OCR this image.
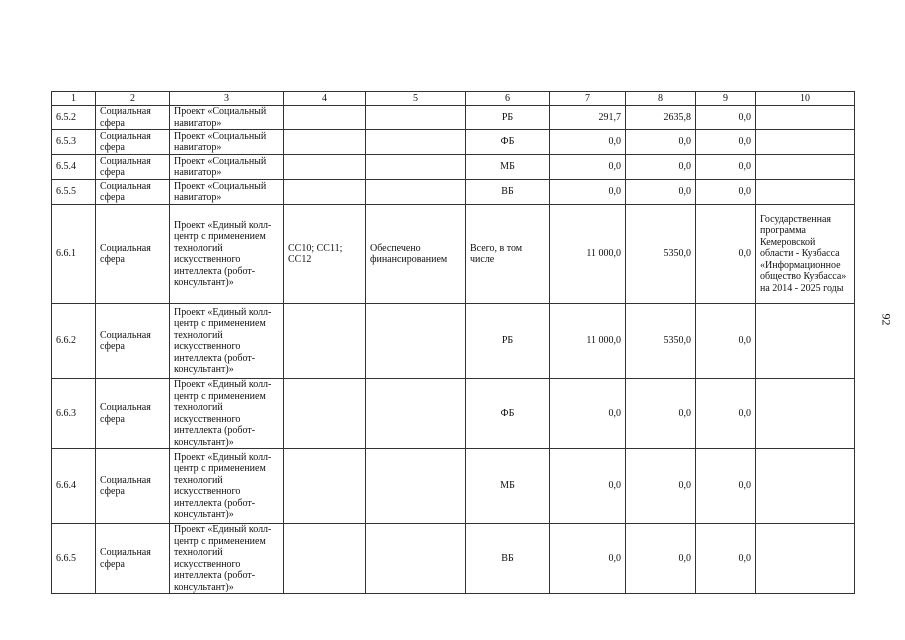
1	2	3	4	5	6	7	8	9	10
6.5.2	Социальная сфера	Проект «Социальный навигатор»			РБ	291,7	2635,8	0,0	
6.5.3	Социальная сфера	Проект «Социальный навигатор»			ФБ	0,0	0,0	0,0	
6.5.4	Социальная сфера	Проект «Социальный навигатор»			МБ	0,0	0,0	0,0	
6.5.5	Социальная сфера	Проект «Социальный навигатор»			ВБ	0,0	0,0	0,0	
6.6.1	Социальная сфера	Проект «Единый колл-центр с применением технологий искусственного интеллекта (робот-консультант)»	СС10; СС11; СС12	Обеспечено финансированием	Всего, в том числе	11 000,0	5350,0	0,0	Государственная программа Кемеровской области - Кузбасса «Информационное общество Кузбасса» на 2014 - 2025 годы
6.6.2	Социальная сфера	Проект «Единый колл-центр с применением технологий искусственного интеллекта (робот-консультант)»			РБ	11 000,0	5350,0	0,0	
6.6.3	Социальная сфера	Проект «Единый колл-центр с применением технологий искусственного интеллекта (робот-консультант)»			ФБ	0,0	0,0	0,0	
6.6.4	Социальная сфера	Проект «Единый колл-центр с применением технологий искусственного интеллекта (робот-консультант)»			МБ	0,0	0,0	0,0	
6.6.5	Социальная сфера	Проект «Единый колл-центр с применением технологий искусственного интеллекта (робот-консультант)»			ВБ	0,0	0,0	0,0	
92
